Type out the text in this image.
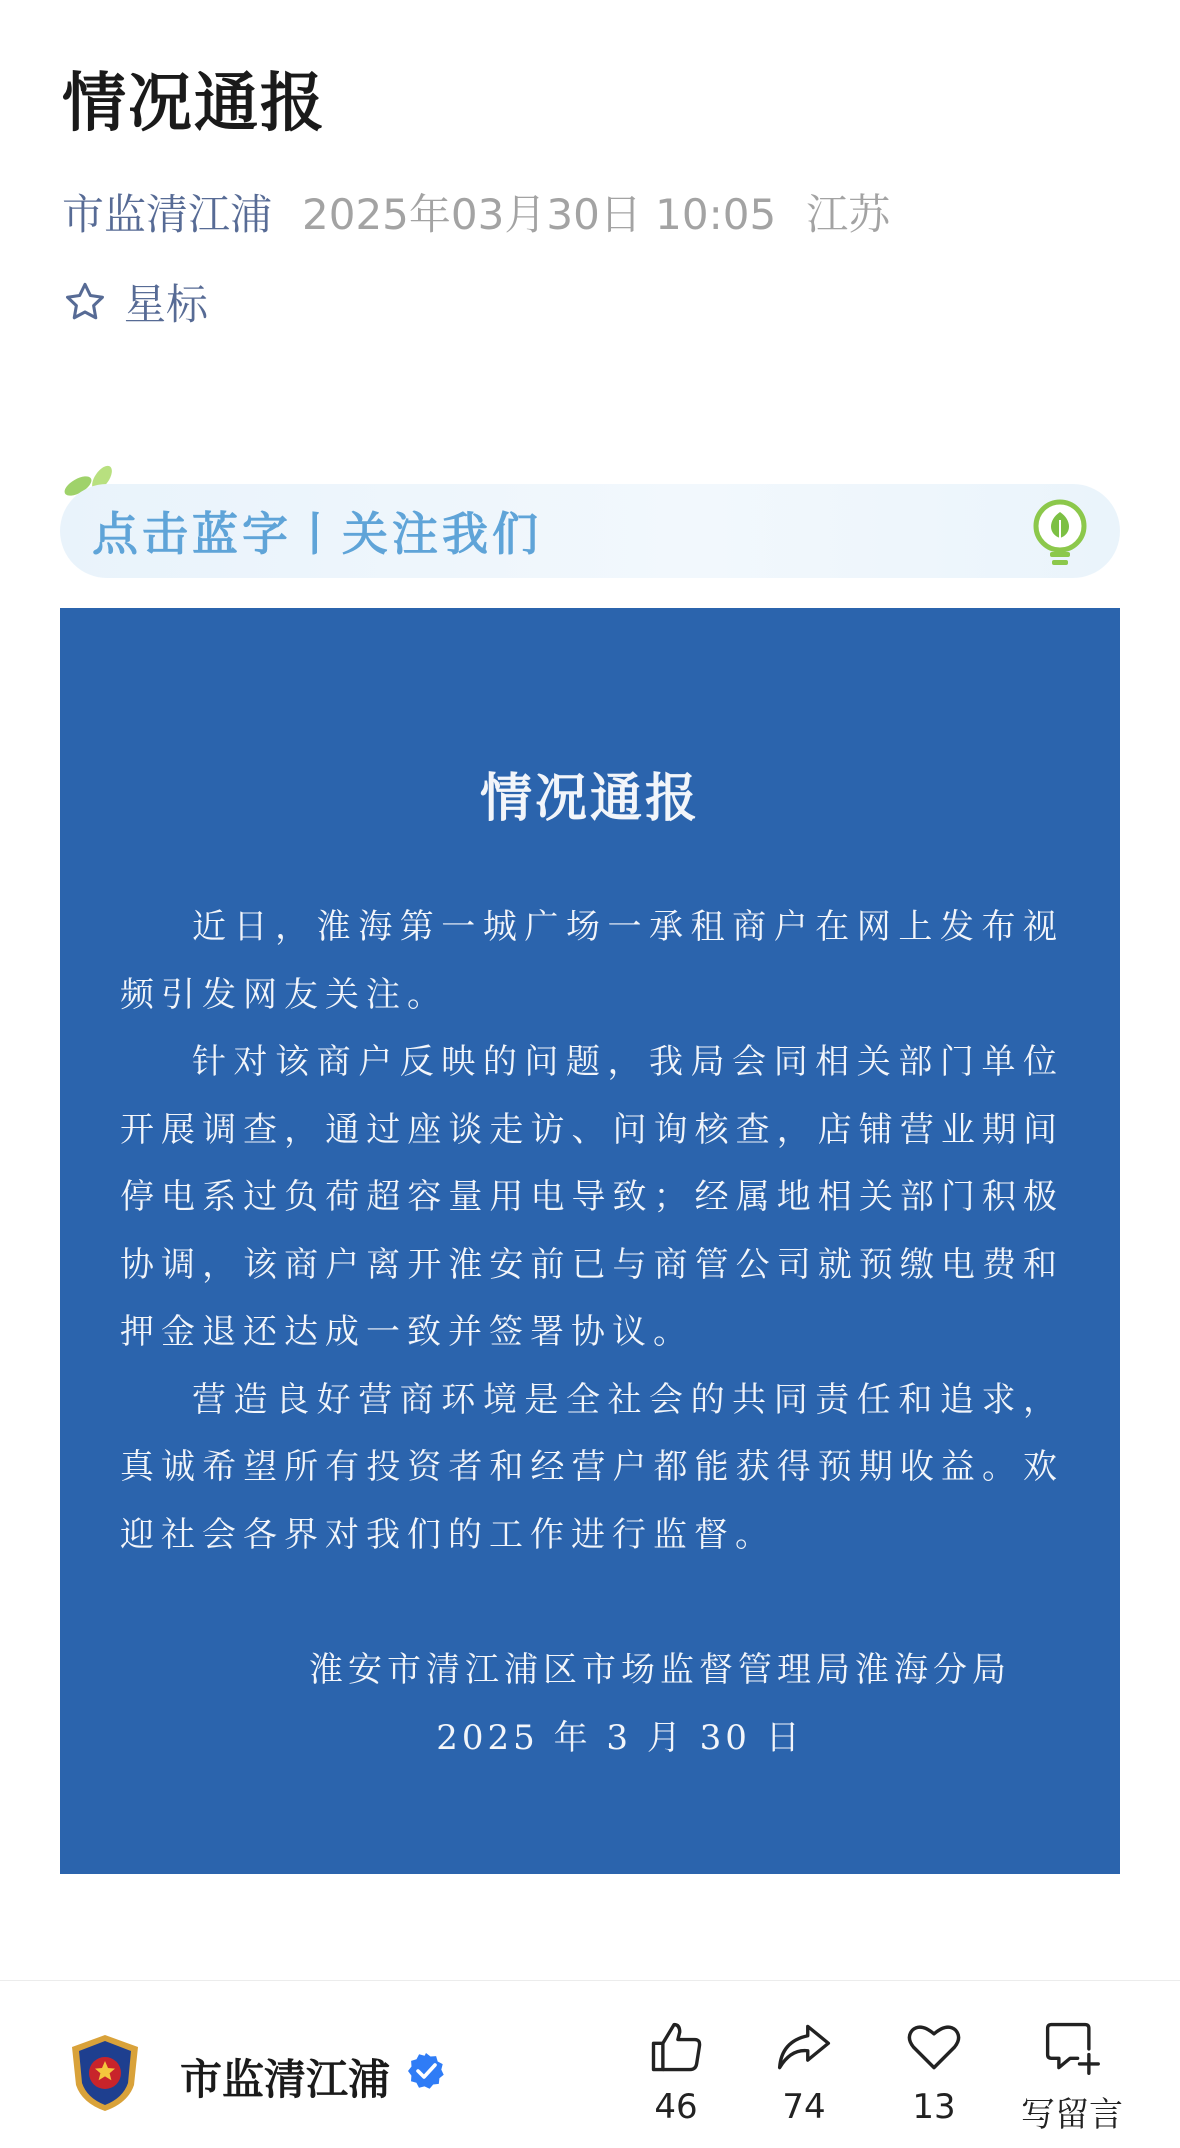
情况通报
市监清江浦 2025年03月30日 10:05 江苏
星标
点击蓝字丨关注我们
情况通报

近日，淮海第一城广场一承租商户在网上发布视频引发网友关注。

针对该商户反映的问题，我局会同相关部门单位开展调查，通过座谈走访、问询核查，店铺营业期间停电系过负荷超容量用电导致；经属地相关部门积极协调，该商户离开淮安前已与商管公司就预缴电费和押金退还达成一致并签署协议。

营造良好营商环境是全社会的共同责任和追求，真诚希望所有投资者和经营户都能获得预期收益。欢迎社会各界对我们的工作进行监督。

淮安市清江浦区市场监督管理局淮海分局
2025 年 3 月 30 日
市监清江浦
46	74	13	写留言
